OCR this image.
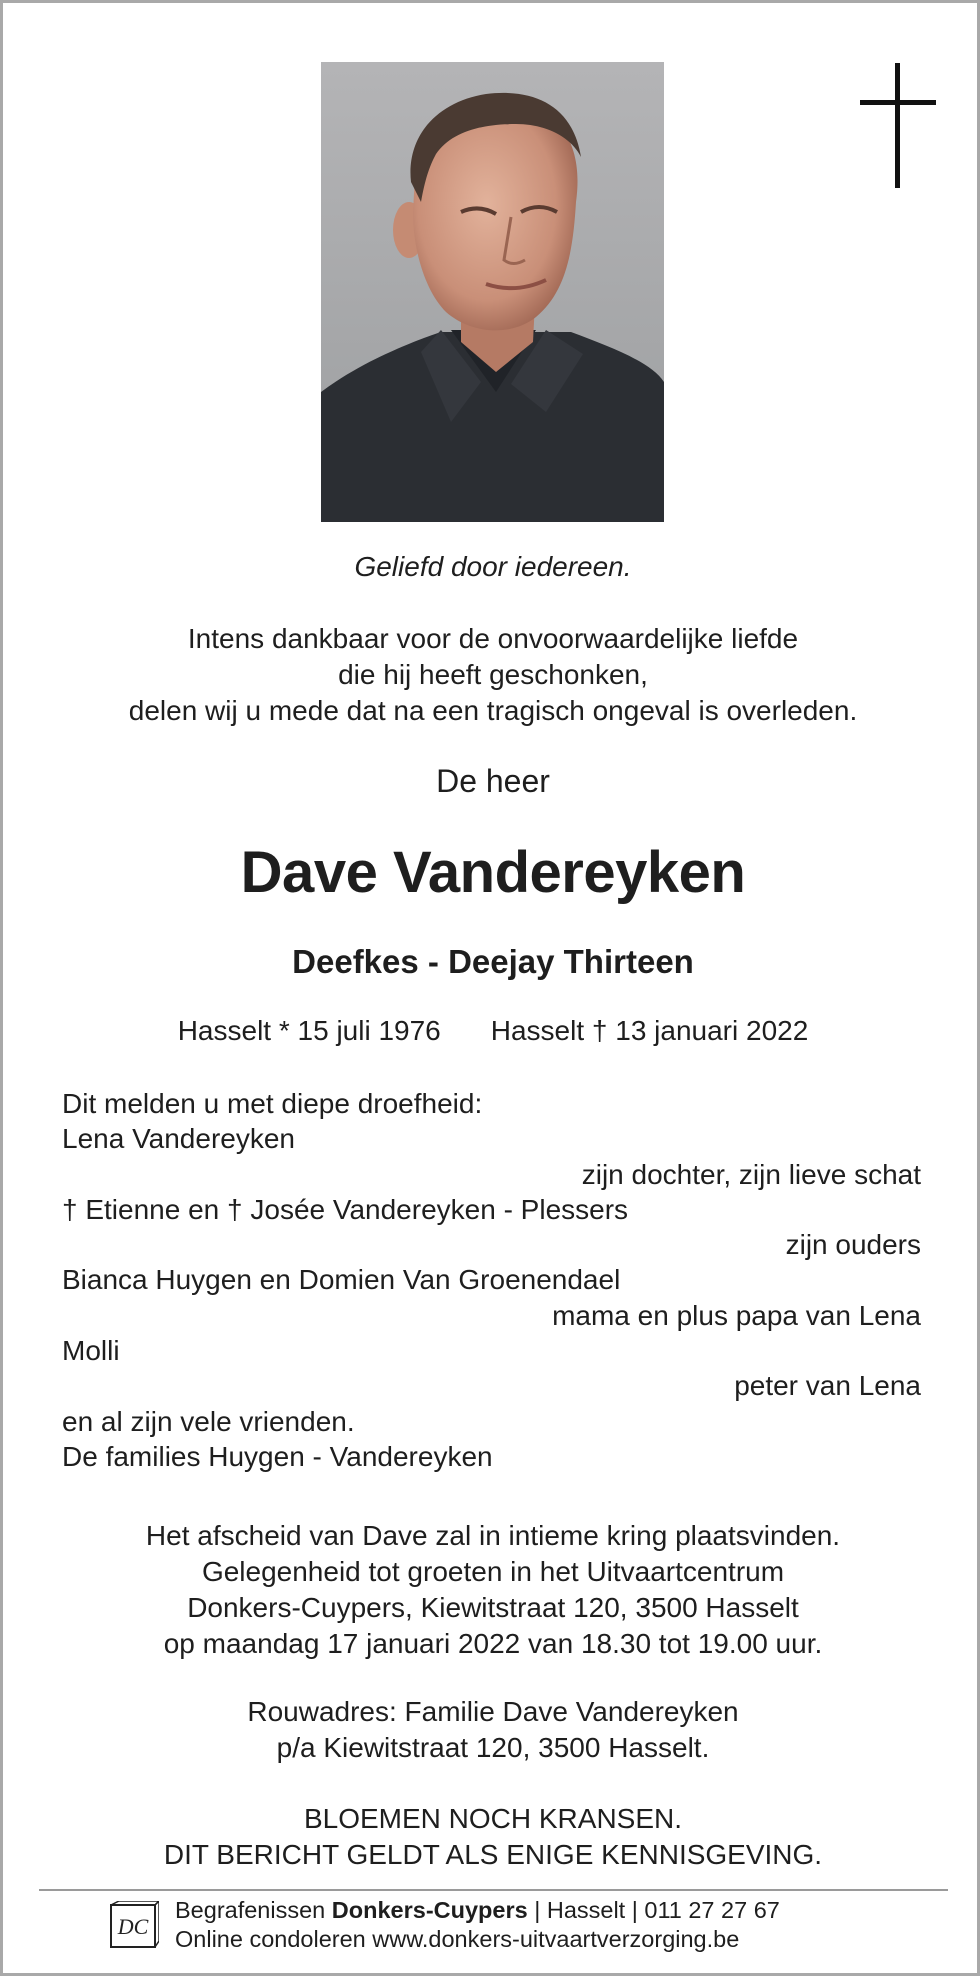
Geliefd door iedereen.
Intens dankbaar voor de onvoorwaardelijke liefde
die hij heeft geschonken,
delen wij u mede dat na een tragisch ongeval is overleden.
De heer
Dave Vandereyken
Deefkes - Deejay Thirteen
Hasselt * 15 juli 1976 Hasselt † 13 januari 2022
Dit melden u met diepe droefheid:
Lena Vandereyken
zijn dochter, zijn lieve schat
† Etienne en † Josée Vandereyken - Plessers
zijn ouders
Bianca Huygen en Domien Van Groenendael
mama en plus papa van Lena
Molli
peter van Lena
en al zijn vele vrienden.
De families Huygen - Vandereyken
Het afscheid van Dave zal in intieme kring plaatsvinden.
Gelegenheid tot groeten in het Uitvaartcentrum
Donkers-Cuypers, Kiewitstraat 120, 3500 Hasselt
op maandag 17 januari 2022 van 18.30 tot 19.00 uur.
Rouwadres: Familie Dave Vandereyken
p/a Kiewitstraat 120, 3500 Hasselt.
BLOEMEN NOCH KRANSEN.
DIT BERICHT GELDT ALS ENIGE KENNISGEVING.
DC
Begrafenissen Donkers-Cuypers | Hasselt | 011 27 27 67
Online condoleren www.donkers-uitvaartverzorging.be
